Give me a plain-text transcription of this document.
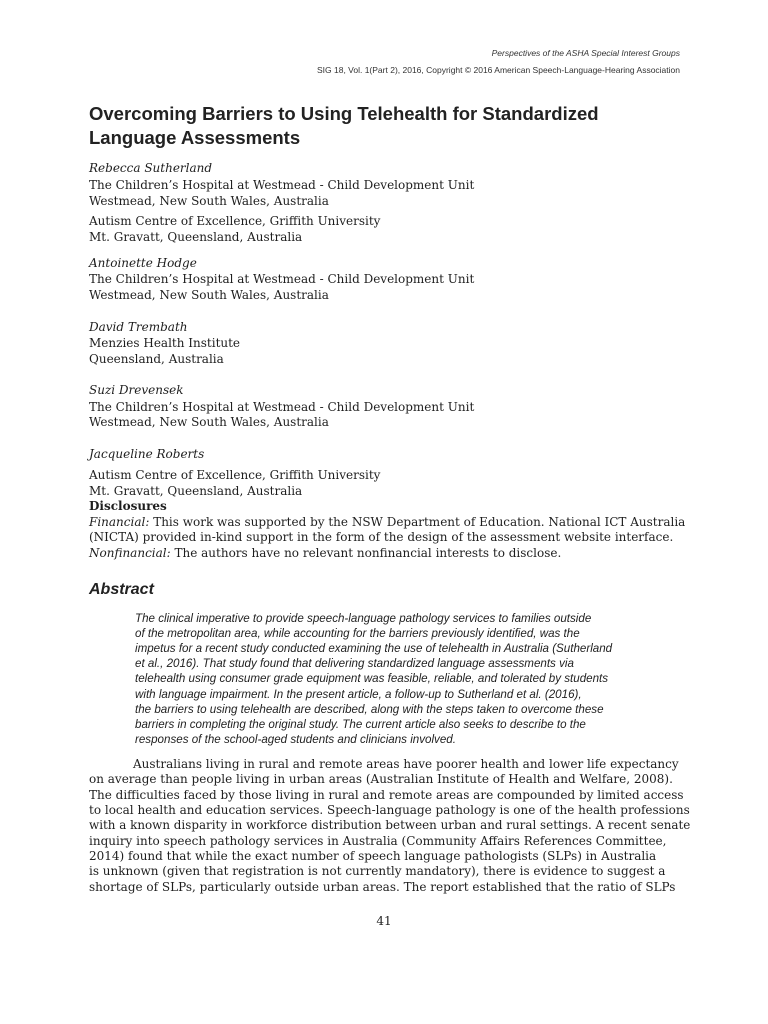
Perspectives of the ASHA Special Interest Groups
SIG 18, Vol. 1(Part 2), 2016, Copyright © 2016 American Speech-Language-Hearing Association
Overcoming Barriers to Using Telehealth for Standardized Language Assessments
Rebecca Sutherland
The Children’s Hospital at Westmead - Child Development Unit
Westmead, New South Wales, Australia
Autism Centre of Excellence, Griffith University
Mt. Gravatt, Queensland, Australia
Antoinette Hodge
The Children’s Hospital at Westmead - Child Development Unit
Westmead, New South Wales, Australia
David Trembath
Menzies Health Institute
Queensland, Australia
Suzi Drevensek
The Children’s Hospital at Westmead - Child Development Unit
Westmead, New South Wales, Australia
Jacqueline Roberts
Autism Centre of Excellence, Griffith University
Mt. Gravatt, Queensland, Australia
Disclosures
Financial: This work was supported by the NSW Department of Education. National ICT Australia
(NICTA) provided in-kind support in the form of the design of the assessment website interface.
Nonfinancial: The authors have no relevant nonfinancial interests to disclose.
Abstract
The clinical imperative to provide speech-language pathology services to families outside
of the metropolitan area, while accounting for the barriers previously identified, was the
impetus for a recent study conducted examining the use of telehealth in Australia (Sutherland
et al., 2016). That study found that delivering standardized language assessments via
telehealth using consumer grade equipment was feasible, reliable, and tolerated by students
with language impairment. In the present article, a follow-up to Sutherland et al. (2016),
the barriers to using telehealth are described, along with the steps taken to overcome these
barriers in completing the original study. The current article also seeks to describe to the
responses of the school-aged students and clinicians involved.
Australians living in rural and remote areas have poorer health and lower life expectancy
on average than people living in urban areas (Australian Institute of Health and Welfare, 2008).
The difficulties faced by those living in rural and remote areas are compounded by limited access
to local health and education services. Speech-language pathology is one of the health professions
with a known disparity in workforce distribution between urban and rural settings. A recent senate
inquiry into speech pathology services in Australia (Community Affairs References Committee,
2014) found that while the exact number of speech language pathologists (SLPs) in Australia
is unknown (given that registration is not currently mandatory), there is evidence to suggest a
shortage of SLPs, particularly outside urban areas. The report established that the ratio of SLPs
41
